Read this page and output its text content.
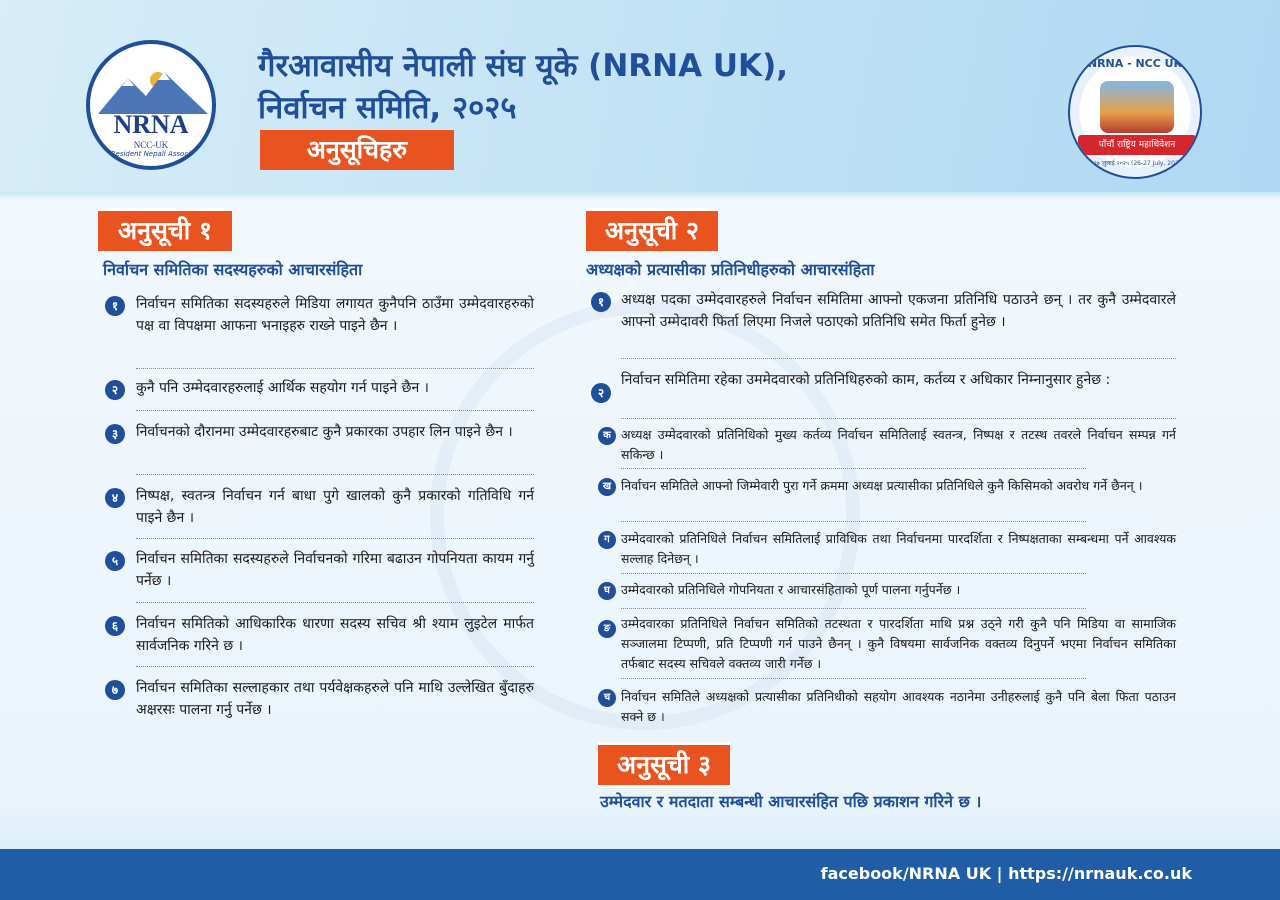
NRNA
NCC-UK
Non-Resident Nepali Association
गैरआवासीय नेपाली संघ यूके (NRNA UK),
निर्वाचन समिति, २०२५
अनुसूचिहरु
NRNA - NCC UK
पाँचौं राष्ट्रिय महाधिवेशन
२६-२७ जुलाई २०२५ (26-27 July, 2025)
अनुसूची १
निर्वाचन समितिका सदस्यहरुको आचारसंहिता
१	निर्वाचन समितिका सदस्यहरुले मिडिया लगायत कुनैपनि ठाउँमा उम्मेदवारहरुको पक्ष वा विपक्षमा आफना भनाइहरु राख्ने पाइने छैन ।
२	कुनै पनि उम्मेदवारहरुलाई आर्थिक सहयोग गर्न पाइने छैन ।
३	निर्वाचनको दौरानमा उम्मेदवारहरुबाट कुनै प्रकारका उपहार लिन पाइने छैन ।
४	निष्पक्ष, स्वतन्त्र निर्वाचन गर्न बाधा पुगे खालको कुनै प्रकारको गतिविधि गर्न पाइने छैन ।
५	निर्वाचन समितिका सदस्यहरुले निर्वाचनको गरिमा बढाउन गोपनियता कायम गर्नु पर्नेछ ।
६	निर्वाचन समितिको आधिकारिक धारणा सदस्य सचिव श्री श्याम लुइटेल मार्फत सार्वजनिक गरिने छ ।
७	निर्वाचन समितिका सल्लाहकार तथा पर्यवेक्षकहरुले पनि माथि उल्लेखित बुँदाहरु अक्षरसः पालना गर्नु पर्नेछ ।
अनुसूची २
अध्यक्षको प्रत्यासीका प्रतिनिधीहरुको आचारसंहिता
१	अध्यक्ष पदका उम्मेदवारहरुले निर्वाचन समितिमा आफ्नो एकजना प्रतिनिधि पठाउने छन् । तर कुनै उम्मेदवारले आफ्नो उम्मेदावरी फिर्ता लिएमा निजले पठाएको प्रतिनिधि समेत फिर्ता हुनेछ ।
२
निर्वाचन समितिमा रहेका उममेदवारको प्रतिनिधिहरुको काम, कर्तव्य र अधिकार निम्नानुसार हुनेछ :
क अध्यक्ष उम्मेदवारको प्रतिनिधिको मुख्य कर्तव्य निर्वाचन समितिलाई स्वतन्त्र, निष्पक्ष र तटस्थ तवरले निर्वाचन सम्पन्न गर्न सकिन्छ ।
ख निर्वाचन समितिले आफ्नो जिम्मेवारी पुरा गर्ने क्रममा अध्यक्ष प्रत्यासीका प्रतिनिधिले कुनै किसिमको अवरोध गर्ने छैनन् ।
ग उम्मेदवारको प्रतिनिधिले निर्वाचन समितिलाई प्राविधिक तथा निर्वाचनमा पारदर्शिता र निष्पक्षताका सम्बन्धमा पर्ने आवश्यक सल्लाह दिनेछन् ।
घ उम्मेदवारको प्रतिनिधिले गोपनियता र आचारसंहिताको पूर्ण पालना गर्नुपर्नेछ ।
ङ उम्मेदवारका प्रतिनिधिले निर्वाचन समितिको तटस्थता र पारदर्शिता माथि प्रश्न उठ्ने गरी कुनै पनि मिडिया वा सामाजिक सञ्जालमा टिप्पणी, प्रति टिप्पणी गर्न पाउने छैनन् । कुनै विषयमा सार्वजनिक वक्तव्य दिनुपर्ने भएमा निर्वाचन समितिका तर्फबाट सदस्य सचिवले वक्तव्य जारी गर्नेछ ।
च निर्वाचन समितिले अध्यक्षको प्रत्यासीका प्रतिनिधीको सहयोग आवश्यक नठानेमा उनीहरुलाई कुनै पनि बेला फिता पठाउन सक्ने छ ।
अनुसूची ३
उम्मेदवार र मतदाता सम्बन्धी आचारसंहित पछि प्रकाशन गरिने छ ।
facebook/NRNA UK | https://nrnauk.co.uk
